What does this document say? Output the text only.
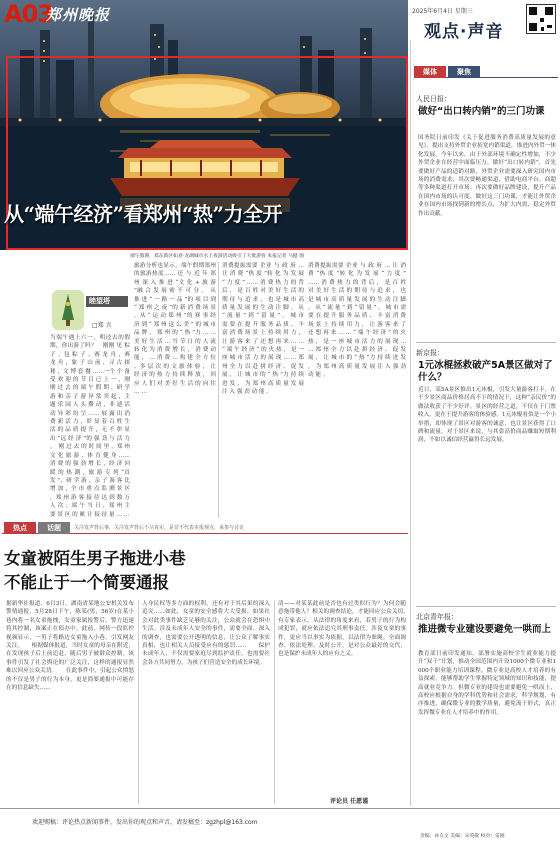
A03
郑州晚报
从“端午经济”看郑州“热”力全开
端午假期，郑东新区如意·龙湖城市水上夜游活动吸引了大批游客 本报记者 马健 图
2025年6月4日 星期三
观点·声音
睦望塔
□郑 言
当端午遇上六一，明迳去的假期，你出游了吗？　刚刚 见 粽 子 ，包 粽 子 ，赛 龙 舟 ，赛 龙 舟 ，象 子 山 前 ，寻 古 探 秘 ，文 博 套 餐 ……一个 个 备 受 欢 迎 的 节 目 已 上 一 ，刚 刚 过 去 的 端 午 假 期 ，研 学 游 和 亲 子 游 异 常 突 起 ，主 题 乐 园 人 头 攒 动 ，非 遗 活 动 异 彩 纷 呈 …… 展 露 出 消 费 新 活 力 ，彰 显 着 百 姓 生 活 的 品 质 提 升 ，无 不 彰 显 出 “远 经 济 ”的 强 劲 与 活 力 。　刚 过 去 的 时 间 里 ，郑 州 文 化 旅 游 、体 育 健 身 ……消 费 的 强 劲 增 长 ，经 济 回 暖 的 热 潮 ，旅 游 专 列 “首 发 ”，研 学 游 、亲 子 游 客 比 增 加 ，全 市 重 点 监 测 景 区 ，郑 州 游 客 接 待 达 到 数 万 人 次 ；端 午 当 日 ，郑 州 主 要 景 区 的 累 计 接 待 量 … …
旅游分析也显示，端午假期郑州的旅游热度…… 还 与 近 年 郑 州 深 入 推 进 “文 化 + 旅 游 ”融 合 发 展 密 不 可 分 。　从 推 进 “ 一 路 一 品 ”的 项 目 到 “ 郑 州 之 夜 ”的 新 消 费 场 景 ，从 “ 运 动 郑 州 ”的 赛 事 经 济 到 “ 郑 州 这 么 美 ” 的 城 市 品 牌 ， 郑 州 的 “ 热 ”力 … … 美 好 生 活 … 当 节 日 的 人 流 转 化 为 消 费 增 长 ， 消 费 动 能 ， … 消 费 … 构 建 全 方 位 、多 层 次 的 文 旅 体 验 ， 让 经 济 的 热 力 持 续 释 放 ， 回 应 人 们 对 美 好 生 活 的 向 往 … …
消费提振需要 企业 与 政 府 … 让 消 费 “热 度 ”转 化 为 发 展 “ 力 度 ” …… 消 费 热 力 的 背 后 ， 是 百 姓 对 美 好 生 活 的 期 待 与 追 求 ， 也 是 城 市 高 质 量 发 展 的 生 动 注 脚 。 从 “ 流 量 ” 到 “ 留 量 ” ， 城 市 需 要 在 提 升 服 务 品 质 、 丰 富 消 费 场 景 上 持 续 用 力 ， 让 游 客 来 了 还 想 再 来 … … “ 端 午 经 济 ” 的 火 热 ， 是 一 座 城 市 活 力 的 展 现 … … 郑 州 全 力 以 赴 拼 经 济 、 促 发 展 ， 让 城 市 的 “ 热 ”力 持 续 迸 发 ， 为 郑 州 高 质 量 发 展 注 入 强 劲 动 能 。
消费提振需要 企业 与 政 府 … 让 消 费 “热 度 ”转 化 为 发 展 “ 力 度 ” …… 消 费 热 力 的 背 后 ， 是 百 姓 对 美 好 生 活 的 期 待 与 追 求 ， 也 是 城 市 高 质 量 发 展 的 生 动 注 脚 。 从 “ 流 量 ” 到 “ 留 量 ” ， 城 市 需 要 在 提 升 服 务 品 质 、 丰 富 消 费 场 景 上 持 续 用 力 ， 让 游 客 来 了 还 想 再 来 … … “ 端 午 经 济 ” 的 火 热 ， 是 一 座 城 市 活 力 的 展 现 … … 郑 州 全 力 以 赴 拼 经 济 、 促 发 展 ， 让 城 市 的 “ 热 ”力 持 续 迸 发 ， 为 郑 州 高 质 量 发 展 注 入 强 劲 动 能 。
热点	话题	关注发声背后事，关注发声背后不尽真实，是非不代表本报观点，来参与讨论
女童被陌生男子拖进小巷
不能止于一个简要通报
据新华社报道，6月3日，湖南省某地公安机关发布警情通报，5月28日下午，陈某(男，56岁)在某小巷内将一名女童拖拽，女童家属报警后，警方迅速将其控制，该案正在侦办中。此前，网传一段监控视频显示，一男子将路边女童拖入小巷，引发网友关注。　　根据媒体报道，当时女童的母亲在附近，在发现孩子后上前追赶，随后男子被群众控制。该事件引发了社会舆论的广泛关注，这样的通报显然难以回应公众关切。　　在此事件中，引起公众愤怒的不仅是男子的行为本身，更是简要通报中可能存在的信息缺失……
人身民权等多方面的权利，还有对于其后果的深入追究……如此，女童的安全感将大大受损。如果社会对此类事件缺乏足够的关注，公众就会在恐惧中生活。涉及未成年人安全的事件，需要全面、深入的调查，也需要公开透明的信息，让公众了解事实真相，也让相关人员接受应有的惩罚……　　保护未成年人，不仅需要家庭尽到监护责任，也需要社会各方共同努力，为孩子们营造安全的成长环境。
清——对某某此前是否也有过类似行为？为何会随意拖带他人？相关的调查结论，才能回应公众关切。　　有专家表示，从法律的角度来看，若男子的行为构成犯罪，就应依法追究其刑事责任。涉及女童的事件，更应当以事实为依据，以法律为准绳。全面调查、依法处理、及时公开，是对公众最好的交代，也是保护未成年人的应有之义。
评论员 任愿谨
媒体	聚焦
人民日报：
做好“出口转内销”的三门功课
国务院日前印发《关于促进服务消费高质量发展的意见》，提出支持外贸企业拓宽内销渠道，推进内外贸一体化发展。今年以来，由于外部环境不确定性增加，不少外贸企业在经营中面临压力。做好“出口转内销”，首先要做好产品的适销对路，外贸企业需要深入研究国内市场的消费需求；其次要畅通渠道，借助电商平台、商超等多种渠道打开市场；再次要做好品牌建设，提升产品在国内市场的认可度。做好这三门功课，才能让外贸企业在国内市场找到新的增长点，为扩大内需、稳定外贸作出贡献。
新京报：
1元冰棍拯救破产5A景区做对了什么？
近日，某5A景区推出1元冰棍，引发大量游客打卡。在不少景区商品价格居高不下的情况下，这种“亲民价”的做法收获了不少好评。景区的经营之道，不仅在于门票收入，更在于提升游客的体验感。1元冰棍看似是一个小举措，却体现了景区对游客的诚意，也让景区获得了口碑和流量。对于景区来说，与其靠高价商品赚取短期利润，不如以诚信经营赢得长远发展。
北京青年报：
推进微专业建设要避免一哄而上
教育部日前印发通知，部署实施高校学生就业能力提升“双千”计划，推动全国范围内开设1000个微专业和1000个职业能力培训课程。微专业是高校人才培养的有益探索，能够帮助学生掌握特定领域的知识和技能，提高就业竞争力。但微专业的建设也需要避免一哄而上，高校应根据自身的学科优势和社会需求，科学规划，有序推进，确保微专业的教学质量，避免流于形式，真正发挥微专业在人才培养中的作用。
欢迎赐稿：评论热点新闻事件，发出你的观点和声音，请发稿至：zgzhpl@163.com
责编：孙友文 美编：宋英敏 校对：雷刚
